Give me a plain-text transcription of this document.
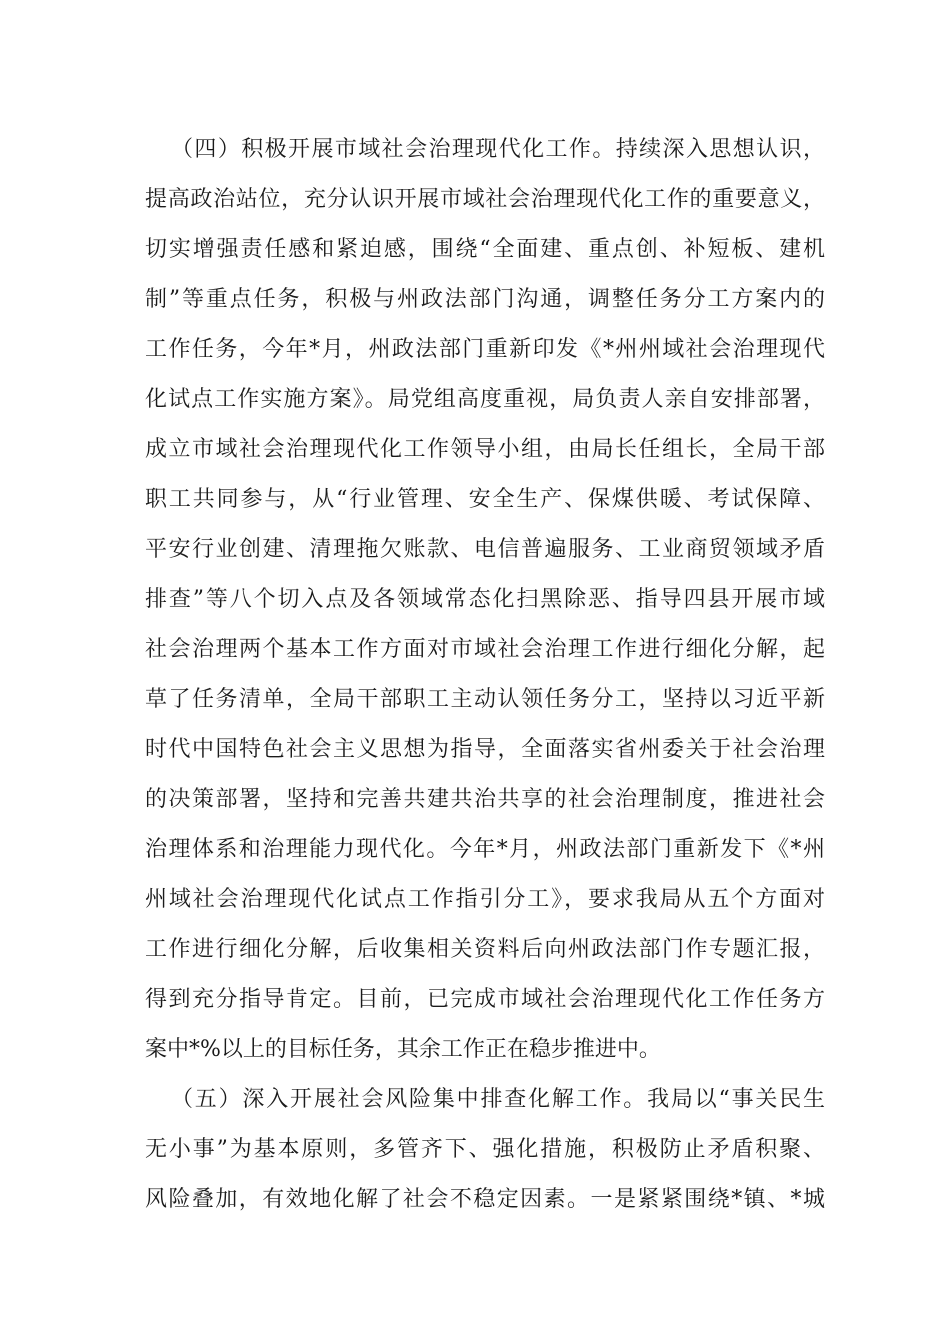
（四）积极开展市域社会治理现代化工作。持续深入思想认识，
提高政治站位，充分认识开展市域社会治理现代化工作的重要意义，
切实增强责任感和紧迫感，围绕“全面建、重点创、补短板、建机
制”等重点任务，积极与州政法部门沟通，调整任务分工方案内的
工作任务，今年*月，州政法部门重新印发《*州州域社会治理现代
化试点工作实施方案》。局党组高度重视，局负责人亲自安排部署，
成立市域社会治理现代化工作领导小组，由局长任组长，全局干部
职工共同参与，从“行业管理、安全生产、保煤供暖、考试保障、
平安行业创建、清理拖欠账款、电信普遍服务、工业商贸领域矛盾
排查”等八个切入点及各领域常态化扫黑除恶、指导四县开展市域
社会治理两个基本工作方面对市域社会治理工作进行细化分解，起
草了任务清单，全局干部职工主动认领任务分工，坚持以习近平新
时代中国特色社会主义思想为指导，全面落实省州委关于社会治理
的决策部署，坚持和完善共建共治共享的社会治理制度，推进社会
治理体系和治理能力现代化。今年*月，州政法部门重新发下《*州
州域社会治理现代化试点工作指引分工》，要求我局从五个方面对
工作进行细化分解，后收集相关资料后向州政法部门作专题汇报，
得到充分指导肯定。目前，已完成市域社会治理现代化工作任务方
案中*%以上的目标任务，其余工作正在稳步推进中。
（五）深入开展社会风险集中排查化解工作。我局以“事关民生
无小事”为基本原则，多管齐下、强化措施，积极防止矛盾积聚、
风险叠加，有效地化解了社会不稳定因素。一是紧紧围绕*镇、*城
